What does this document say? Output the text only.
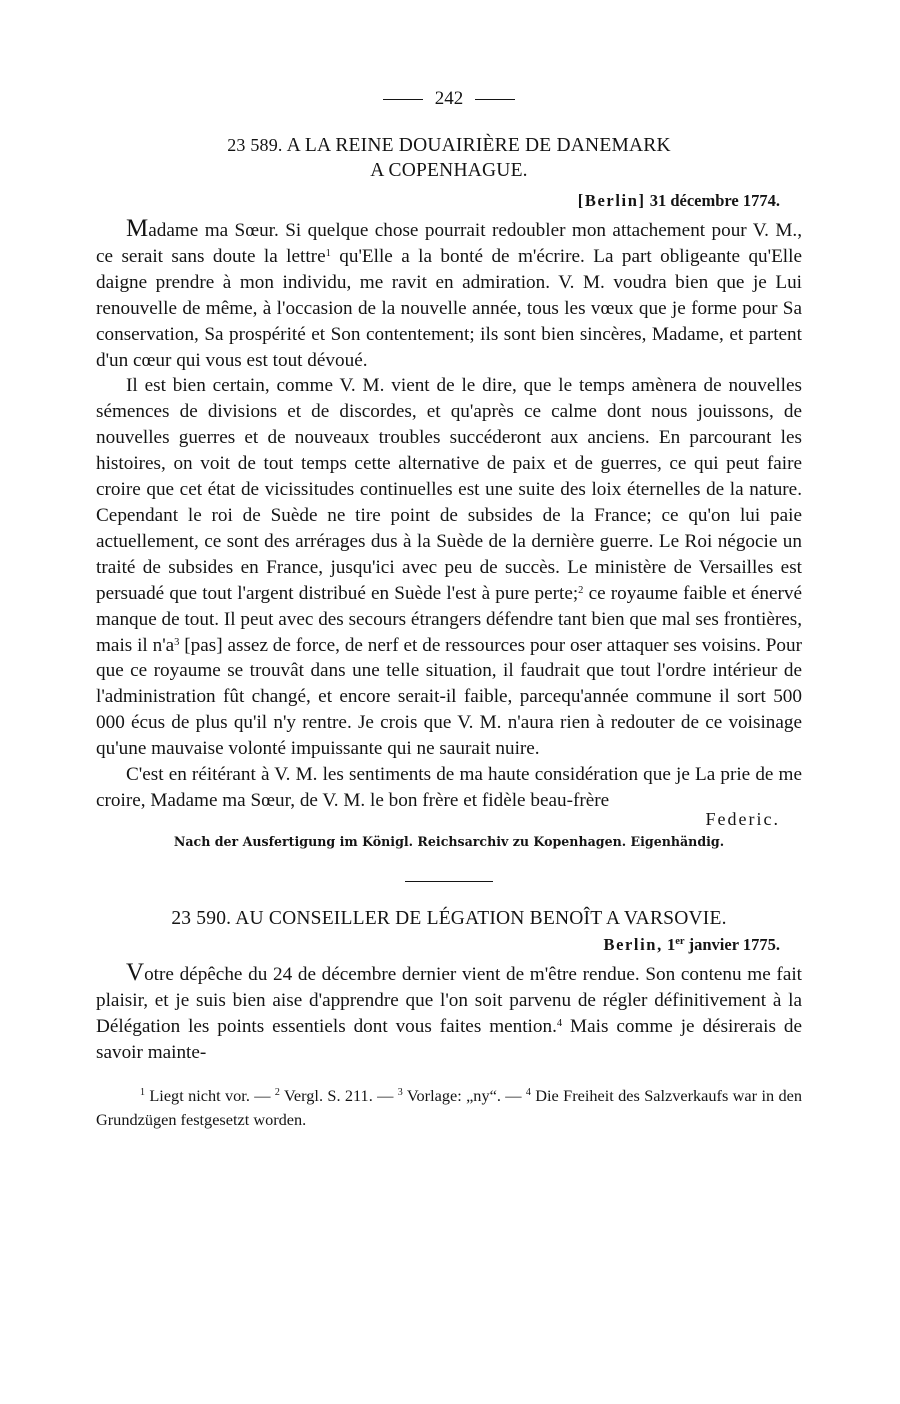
242
23 589. A LA REINE DOUAIRIÈRE DE DANEMARK
A COPENHAGUE.
[Berlin] 31 décembre 1774.

Madame ma Sœur. Si quelque chose pourrait redoubler mon attachement pour V. M., ce serait sans doute la lettre$^1$ qu'Elle a la bonté de m'écrire. La part obligeante qu'Elle daigne prendre à mon individu, me ravit en admiration. V. M. voudra bien que je Lui renouvelle de même, à l'occasion de la nouvelle année, tous les vœux que je forme pour Sa conservation, Sa prospérité et Son contentement; ils sont bien sincères, Madame, et partent d'un cœur qui vous est tout dévoué.

Il est bien certain, comme V. M. vient de le dire, que le temps amènera de nouvelles sémences de divisions et de discordes, et qu'après ce calme dont nous jouissons, de nouvelles guerres et de nouveaux troubles succéderont aux anciens. En parcourant les histoires, on voit de tout temps cette alternative de paix et de guerres, ce qui peut faire croire que cet état de vicissitudes continuelles est une suite des loix éternelles de la nature. Cependant le roi de Suède ne tire point de subsides de la France; ce qu'on lui paie actuellement, ce sont des arrérages dus à la Suède de la dernière guerre. Le Roi négocie un traité de subsides en France, jusqu'ici avec peu de succès. Le ministère de Versailles est persuadé que tout l'argent distribué en Suède l'est à pure perte;$^2$ ce royaume faible et énervé manque de tout. Il peut avec des secours étrangers défendre tant bien que mal ses frontières, mais il $n'a^3$ [pas] assez de force, de nerf et de ressources pour oser attaquer ses voisins. Pour que ce royaume se trouvât dans une telle situation, il faudrait que tout l'ordre intérieur de l'administration fût changé, et encore serait-il faible, parcequ'année commune il sort 500 000 écus de plus qu'il n'y rentre. Je crois que V. M. n'aura rien à redouter de ce voisinage qu'une mauvaise volonté impuissante qui ne saurait nuire.

C'est en réitérant à V. M. les sentiments de ma haute considération que je La prie de me croire, Madame ma Sœur, de V. M. le bon frère et fidèle beau-frère

Federic.
Nach der Ausfertigung im Königl. Reichsarchiv zu Kopenhagen. Eigenhändig.
23 590. AU CONSEILLER DE LÉGATION BENOÎT A VARSOVIE.
Berlin, 1er janvier 1775.

Votre dépêche du 24 de décembre dernier vient de m'être rendue. Son contenu me fait plaisir, et je suis bien aise d'apprendre que l'on soit parvenu de régler définitivement à la Délégation les points essentiels dont vous faites mention.$^4$ Mais comme je désirerais de savoir mainte-

$^1$ Liegt nicht vor. — $^2$ Vergl. S. 211. — $^3$ Vorlage: „ny“. — $^4$ Die Freiheit des Salzverkaufs war in den Grundzügen festgesetzt worden.
